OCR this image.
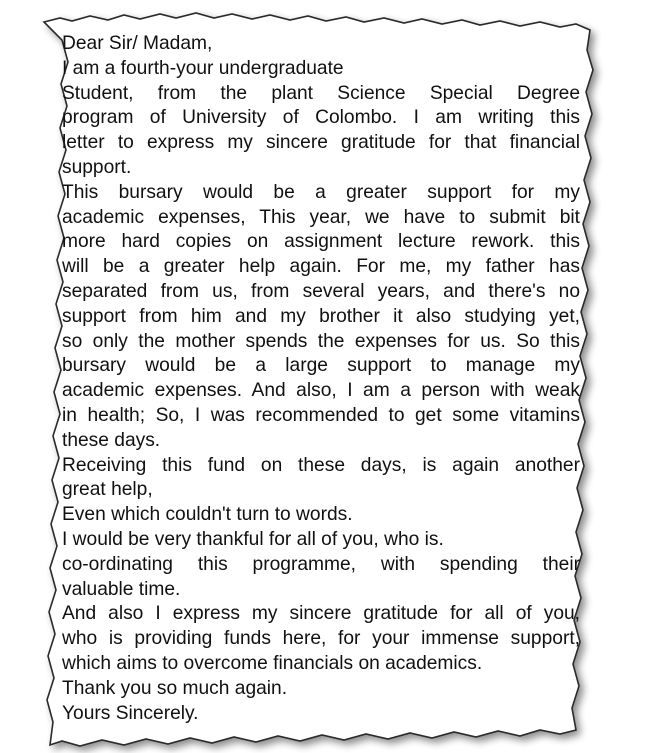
Dear Sir/ Madam,
I am a fourth-your undergraduate
Student, from the plant Science Special Degree
program of University of Colombo. I am writing this
letter to express my sincere gratitude for that financial
support.
This bursary would be a greater support for my
academic expenses, This year, we have to submit bit
more hard copies on assignment lecture rework. this
will be a greater help again. For me, my father has
separated from us, from several years, and there's no
support from him and my brother it also studying yet,
so only the mother spends the expenses for us. So this
bursary would be a large support to manage my
academic expenses. And also, I am a person with weak
in health; So, I was recommended to get some vitamins
these days.
Receiving this fund on these days, is again another
great help,
Even which couldn't turn to words.
I would be very thankful for all of you, who is.
co-ordinating this programme, with spending their
valuable time.
And also I express my sincere gratitude for all of you,
who is providing funds here, for your immense support,
which aims to overcome financials on academics.
Thank you so much again.
Yours Sincerely.
